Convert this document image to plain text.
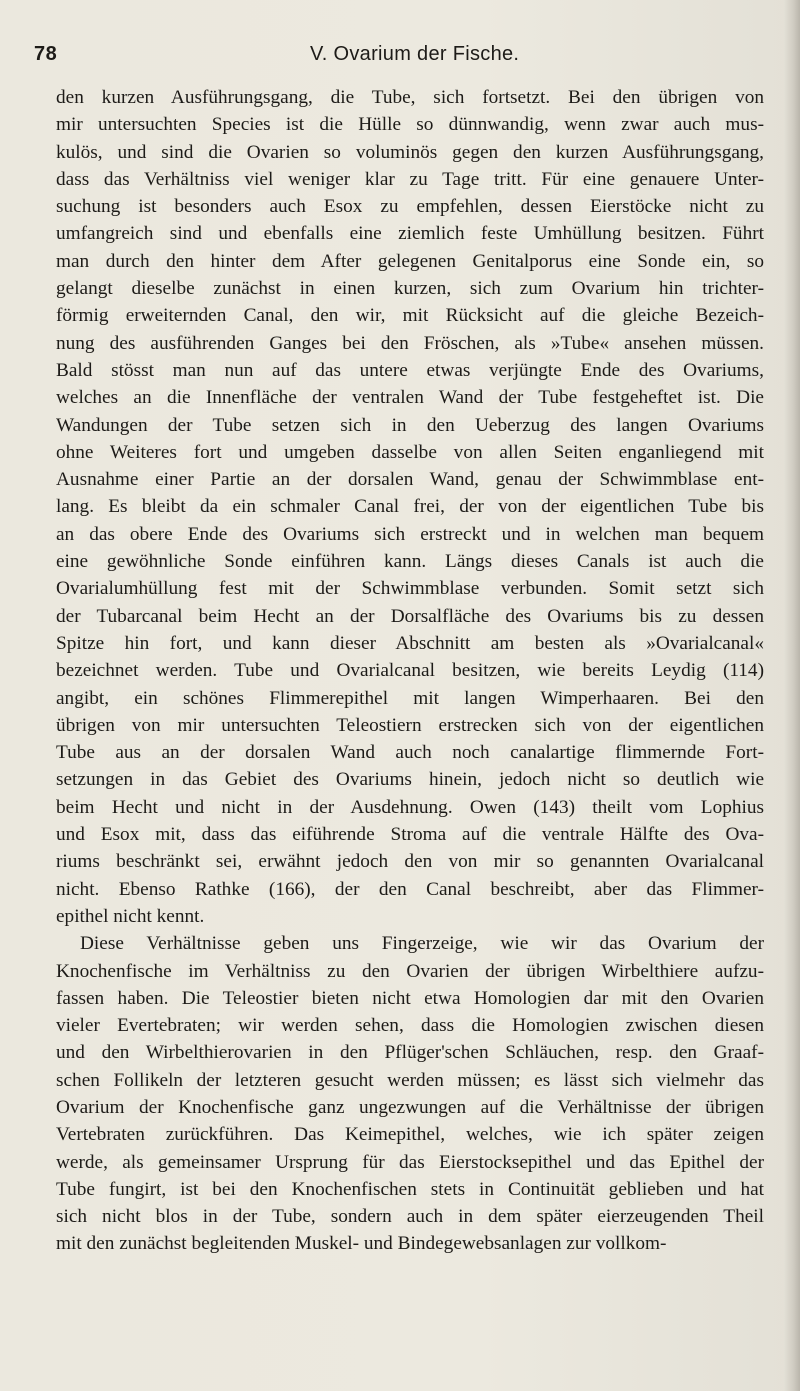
78	V. Ovarium der Fische.
den kurzen Ausführungsgang, die Tube, sich fortsetzt. Bei den übrigen von
mir untersuchten Species ist die Hülle so dünnwandig, wenn zwar auch mus-
kulös, und sind die Ovarien so voluminös gegen den kurzen Ausführungsgang,
dass das Verhältniss viel weniger klar zu Tage tritt. Für eine genauere Unter-
suchung ist besonders auch Esox zu empfehlen, dessen Eierstöcke nicht zu
umfangreich sind und ebenfalls eine ziemlich feste Umhüllung besitzen. Führt
man durch den hinter dem After gelegenen Genitalporus eine Sonde ein, so
gelangt dieselbe zunächst in einen kurzen, sich zum Ovarium hin trichter-
förmig erweiternden Canal, den wir, mit Rücksicht auf die gleiche Bezeich-
nung des ausführenden Ganges bei den Fröschen, als »Tube« ansehen müssen.
Bald stösst man nun auf das untere etwas verjüngte Ende des Ovariums,
welches an die Innenfläche der ventralen Wand der Tube festgeheftet ist. Die
Wandungen der Tube setzen sich in den Ueberzug des langen Ovariums
ohne Weiteres fort und umgeben dasselbe von allen Seiten enganliegend mit
Ausnahme einer Partie an der dorsalen Wand, genau der Schwimmblase ent-
lang. Es bleibt da ein schmaler Canal frei, der von der eigentlichen Tube bis
an das obere Ende des Ovariums sich erstreckt und in welchen man bequem
eine gewöhnliche Sonde einführen kann. Längs dieses Canals ist auch die
Ovarialumhüllung fest mit der Schwimmblase verbunden. Somit setzt sich
der Tubarcanal beim Hecht an der Dorsalfläche des Ovariums bis zu dessen
Spitze hin fort, und kann dieser Abschnitt am besten als »Ovarialcanal«
bezeichnet werden. Tube und Ovarialcanal besitzen, wie bereits Leydig (114)
angibt, ein schönes Flimmerepithel mit langen Wimperhaaren. Bei den
übrigen von mir untersuchten Teleostiern erstrecken sich von der eigentlichen
Tube aus an der dorsalen Wand auch noch canalartige flimmernde Fort-
setzungen in das Gebiet des Ovariums hinein, jedoch nicht so deutlich wie
beim Hecht und nicht in der Ausdehnung. Owen (143) theilt vom Lophius
und Esox mit, dass das eiführende Stroma auf die ventrale Hälfte des Ova-
riums beschränkt sei, erwähnt jedoch den von mir so genannten Ovarialcanal
nicht. Ebenso Rathke (166), der den Canal beschreibt, aber das Flimmer-
epithel nicht kennt.
Diese Verhältnisse geben uns Fingerzeige, wie wir das Ovarium der
Knochenfische im Verhältniss zu den Ovarien der übrigen Wirbelthiere aufzu-
fassen haben. Die Teleostier bieten nicht etwa Homologien dar mit den Ovarien
vieler Evertebraten; wir werden sehen, dass die Homologien zwischen diesen
und den Wirbelthierovarien in den Pflüger'schen Schläuchen, resp. den Graaf-
schen Follikeln der letzteren gesucht werden müssen; es lässt sich vielmehr das
Ovarium der Knochenfische ganz ungezwungen auf die Verhältnisse der übrigen
Vertebraten zurückführen. Das Keimepithel, welches, wie ich später zeigen
werde, als gemeinsamer Ursprung für das Eierstocksepithel und das Epithel der
Tube fungirt, ist bei den Knochenfischen stets in Continuität geblieben und hat
sich nicht blos in der Tube, sondern auch in dem später eierzeugenden Theil
mit den zunächst begleitenden Muskel- und Bindegewebsanlagen zur vollkom-
